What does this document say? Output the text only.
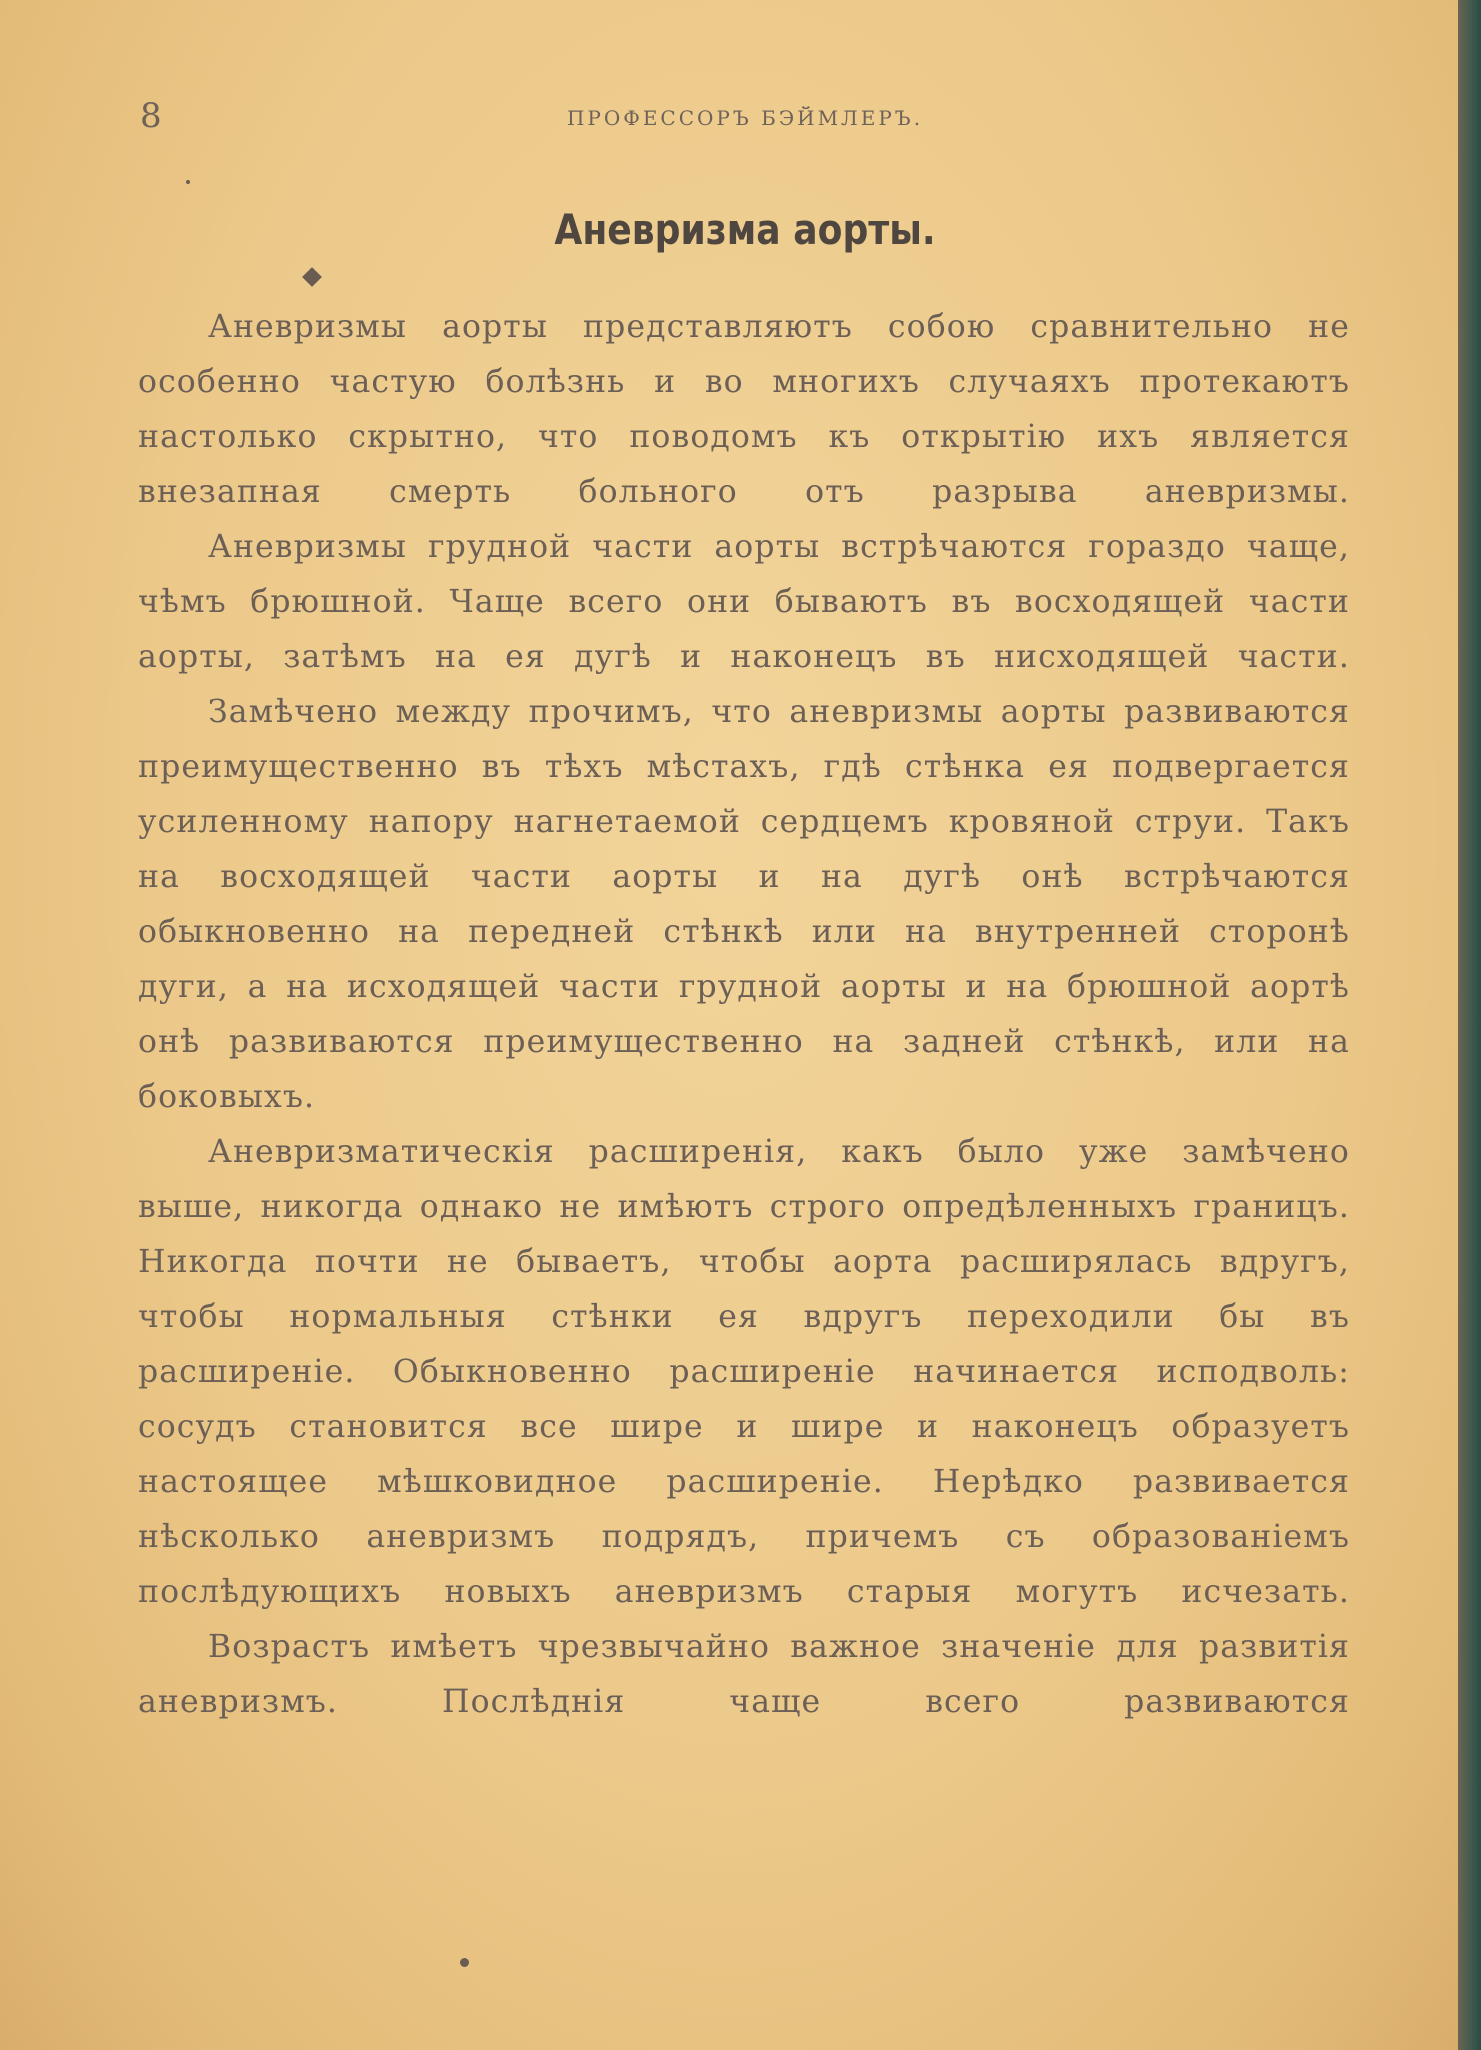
8	ПРОФЕССОРЪ БЭЙМЛЕРЪ.
Аневризма аорты.

Аневризмы аорты представляютъ собою сравнительно не особенно частую болѣзнь и во многихъ случаяхъ протекаютъ настолько скрытно, что поводомъ къ открытію ихъ является внезапная смерть больного отъ разрыва аневризмы.

Аневризмы грудной части аорты встрѣчаются гораздо чаще, чѣмъ брюшной. Чаще всего они бываютъ въ восходящей части аорты, затѣмъ на ея дугѣ и наконецъ въ нисходящей части.

Замѣчено между прочимъ, что аневризмы аорты развиваются преимущественно въ тѣхъ мѣстахъ, гдѣ стѣнка ея подвергается усиленному напору нагнетаемой сердцемъ кровяной струи. Такъ на восходящей части аорты и на дугѣ онѣ встрѣчаются обыкновенно на передней стѣнкѣ или на внутренней сторонѣ дуги, а на исходящей части грудной аорты и на брюшной аортѣ онѣ развиваются преимущественно на задней стѣнкѣ, или на боковыхъ.

Аневризматическія расширенія, какъ было уже замѣчено выше, никогда однако не имѣютъ строго опредѣленныхъ границъ. Никогда почти не бываетъ, чтобы аорта расширялась вдругъ, чтобы нормальныя стѣнки ея вдругъ переходили бы въ расширеніе. Обыкновенно расширеніе начинается исподволь: сосудъ становится все шире и шире и наконецъ образуетъ настоящее мѣшковидное расширеніе. Нерѣдко развивается нѣсколько аневризмъ подрядъ, причемъ съ образованіемъ послѣдующихъ новыхъ аневризмъ старыя могутъ исчезать.

Возрастъ имѣетъ чрезвычайно важное значеніе для развитія аневризмъ. Послѣднія чаще всего развиваются
